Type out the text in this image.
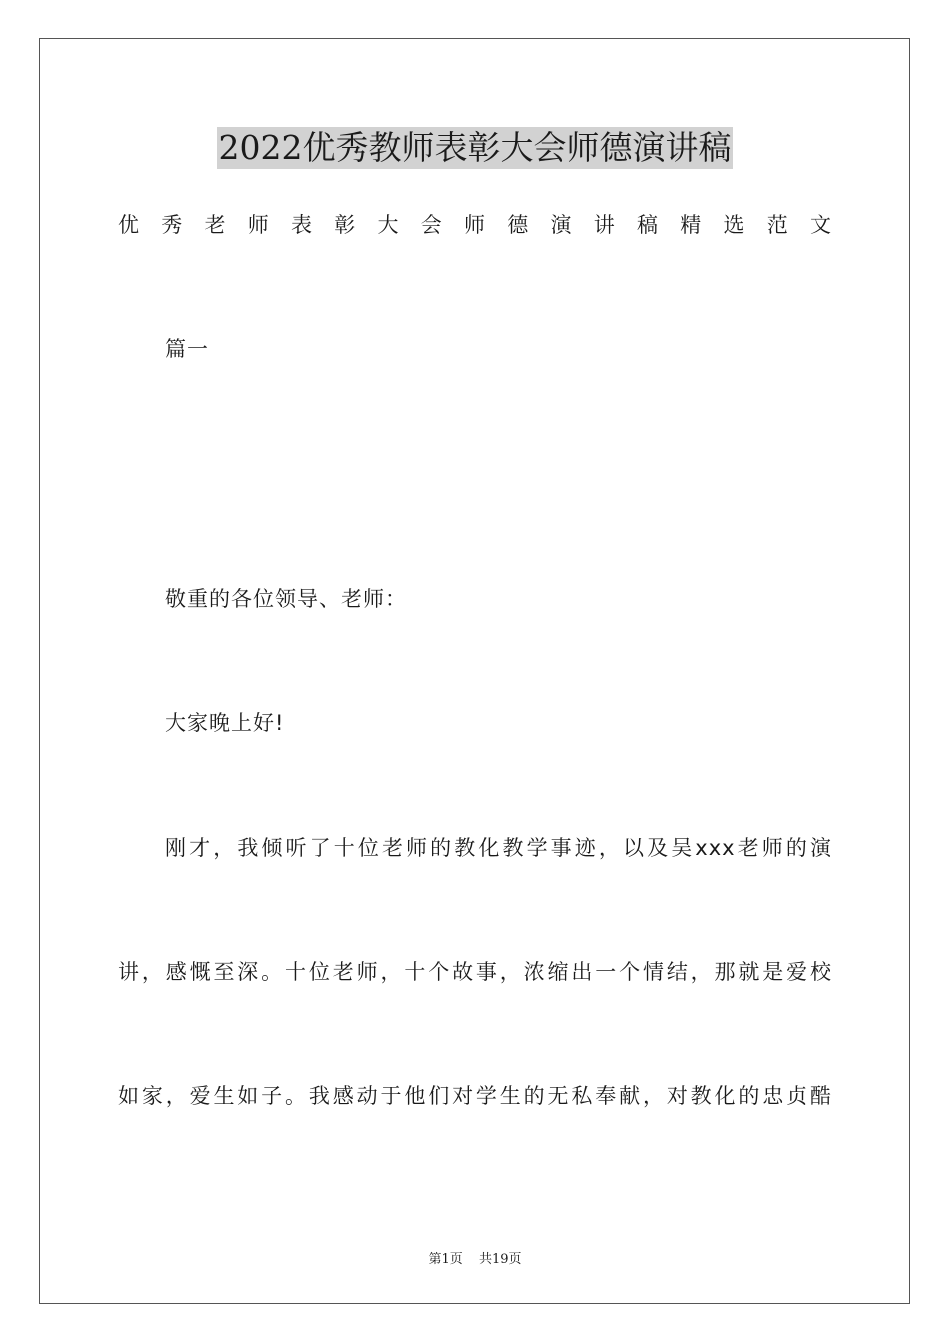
2022优秀教师表彰大会师德演讲稿
优秀老师表彰大会师德演讲稿精选范文
篇一
敬重的各位领导、老师：
大家晚上好!
刚才，我倾听了十位老师的教化教学事迹，以及吴xxx老师的演
讲，感慨至深。十位老师，十个故事，浓缩出一个情结，那就是爱校
如家，爱生如子。我感动于他们对学生的无私奉献，对教化的忠贞酷
第1页 共19页
